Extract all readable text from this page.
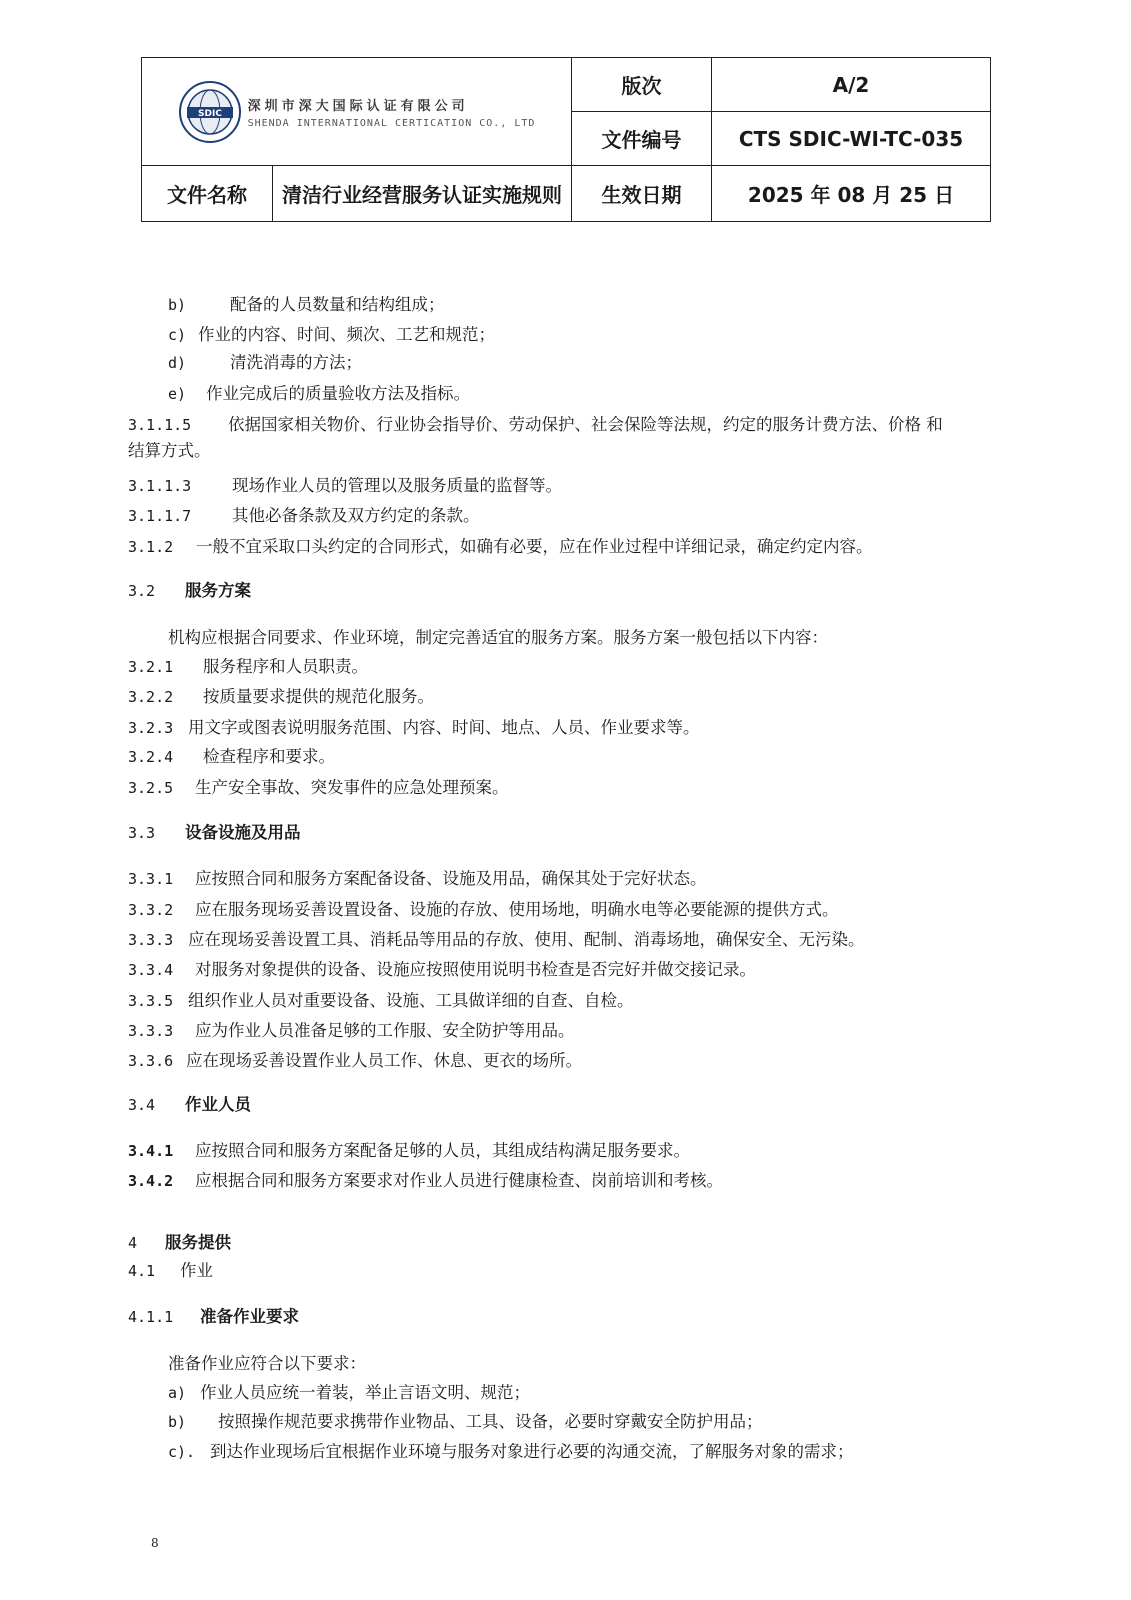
SDIC 深圳市深大国际认证有限公司
SHENDA INTERNATIONAL CERTICATION CO., LTD		版次	A/2
		文件编号	CTS SDIC-WI-TC-035
文件名称	清洁行业经营服务认证实施规则	生效日期	2025 年 08 月 25 日
b)	配备的人员数量和结构组成；
c) 作业的内容、时间、频次、工艺和规范；
d)	清洗消毒的方法；
e) 作业完成后的质量验收方法及指标。
3.1.1.5 依据国家相关物价、行业协会指导价、劳动保护、社会保险等法规，约定的服务计费方法、价格 和
结算方式。
3.1.1.3 现场作业人员的管理以及服务质量的监督等。
3.1.1.7 其他必备条款及双方约定的条款。
3.1.2 一般不宜采取口头约定的合同形式，如确有必要，应在作业过程中详细记录，确定约定内容。
3.2 服务方案
机构应根据合同要求、作业环境，制定完善适宜的服务方案。服务方案一般包括以下内容：
3.2.1 服务程序和人员职责。
3.2.2 按质量要求提供的规范化服务。
3.2.3 用文字或图表说明服务范围、内容、时间、地点、人员、作业要求等。
3.2.4 检查程序和要求。
3.2.5 生产安全事故、突发事件的应急处理预案。
3.3 设备设施及用品
3.3.1 应按照合同和服务方案配备设备、设施及用品，确保其处于完好状态。
3.3.2 应在服务现场妥善设置设备、设施的存放、使用场地，明确水电等必要能源的提供方式。
3.3.3 应在现场妥善设置工具、消耗品等用品的存放、使用、配制、消毒场地，确保安全、无污染。
3.3.4 对服务对象提供的设备、设施应按照使用说明书检查是否完好并做交接记录。
3.3.5 组织作业人员对重要设备、设施、工具做详细的自查、自检。
3.3.3 应为作业人员准备足够的工作服、安全防护等用品。
3.3.6 应在现场妥善设置作业人员工作、休息、更衣的场所。
3.4 作业人员
3.4.1 应按照合同和服务方案配备足够的人员，其组成结构满足服务要求。
3.4.2 应根据合同和服务方案要求对作业人员进行健康检查、岗前培训和考核。
4 服务提供
4.1 作业
4.1.1 准备作业要求
准备作业应符合以下要求：
a) 作业人员应统一着装，举止言语文明、规范；
b) 按照操作规范要求携带作业物品、工具、设备，必要时穿戴安全防护用品；
c). 到达作业现场后宜根据作业环境与服务对象进行必要的沟通交流，了解服务对象的需求；
8
